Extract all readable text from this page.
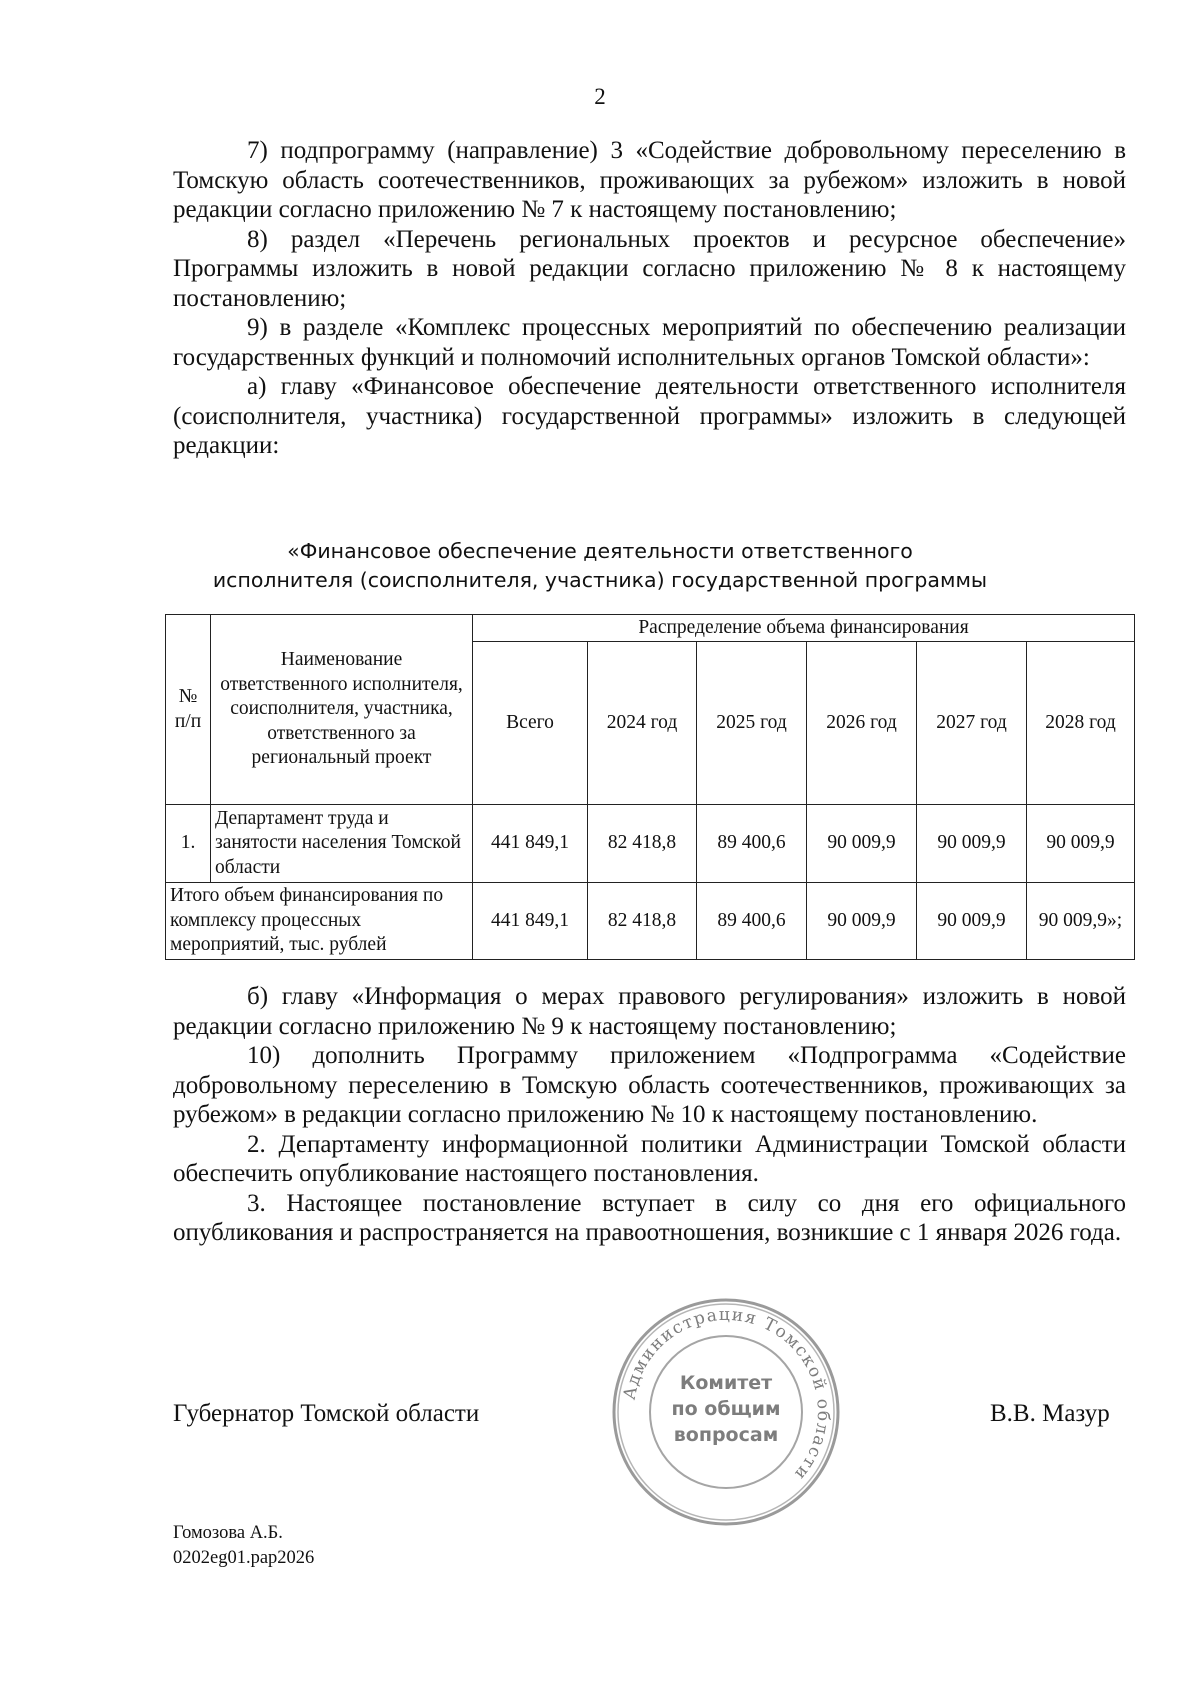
2

7) подпрограмму (направление) 3 «Содействие добровольному переселению в Томскую область соотечественников, проживающих за рубежом» изложить в новой редакции согласно приложению № 7 к настоящему постановлению;

8) раздел «Перечень региональных проектов и ресурсное обеспечение» Программы изложить в новой редакции согласно приложению № 8 к настоящему постановлению;

9) в разделе «Комплекс процессных мероприятий по обеспечению реализации государственных функций и полномочий исполнительных органов Томской области»:

а) главу «Финансовое обеспечение деятельности ответственного исполнителя (соисполнителя, участника) государственной программы» изложить в следующей редакции:

«Финансовое обеспечение деятельности ответственного
исполнителя (соисполнителя, участника) государственной программы
№ п/п	Наименование ответственного исполнителя, соисполнителя, участника, ответственного за региональный проект	Распределение объема финансирования					
		Всего	2024 год	2025 год	2026 год	2027 год	2028 год
1.	Департамент труда и занятости населения Томской области	441 849,1	82 418,8	89 400,6	90 009,9	90 009,9	90 009,9
Итого объем финансирования по комплексу процессных мероприятий, тыс. рублей		441 849,1	82 418,8	89 400,6	90 009,9	90 009,9	90 009,9»;

б) главу «Информация о мерах правового регулирования» изложить в новой редакции согласно приложению № 9 к настоящему постановлению;

10) дополнить Программу приложением «Подпрограмма «Содействие добровольному переселению в Томскую область соотечественников, проживающих за рубежом» в редакции согласно приложению № 10 к настоящему постановлению.

2. Департаменту информационной политики Администрации Томской области обеспечить опубликование настоящего постановления.

3. Настоящее постановление вступает в силу со дня его официального опубликования и распространяется на правоотношения, возникшие с 1 января 2026 года.

Губернатор Томской области
Администрация Томской области
Комитет
по общим
вопросам
В.В. Мазур
Гомозова А.Б.
0202eg01.pap2026
